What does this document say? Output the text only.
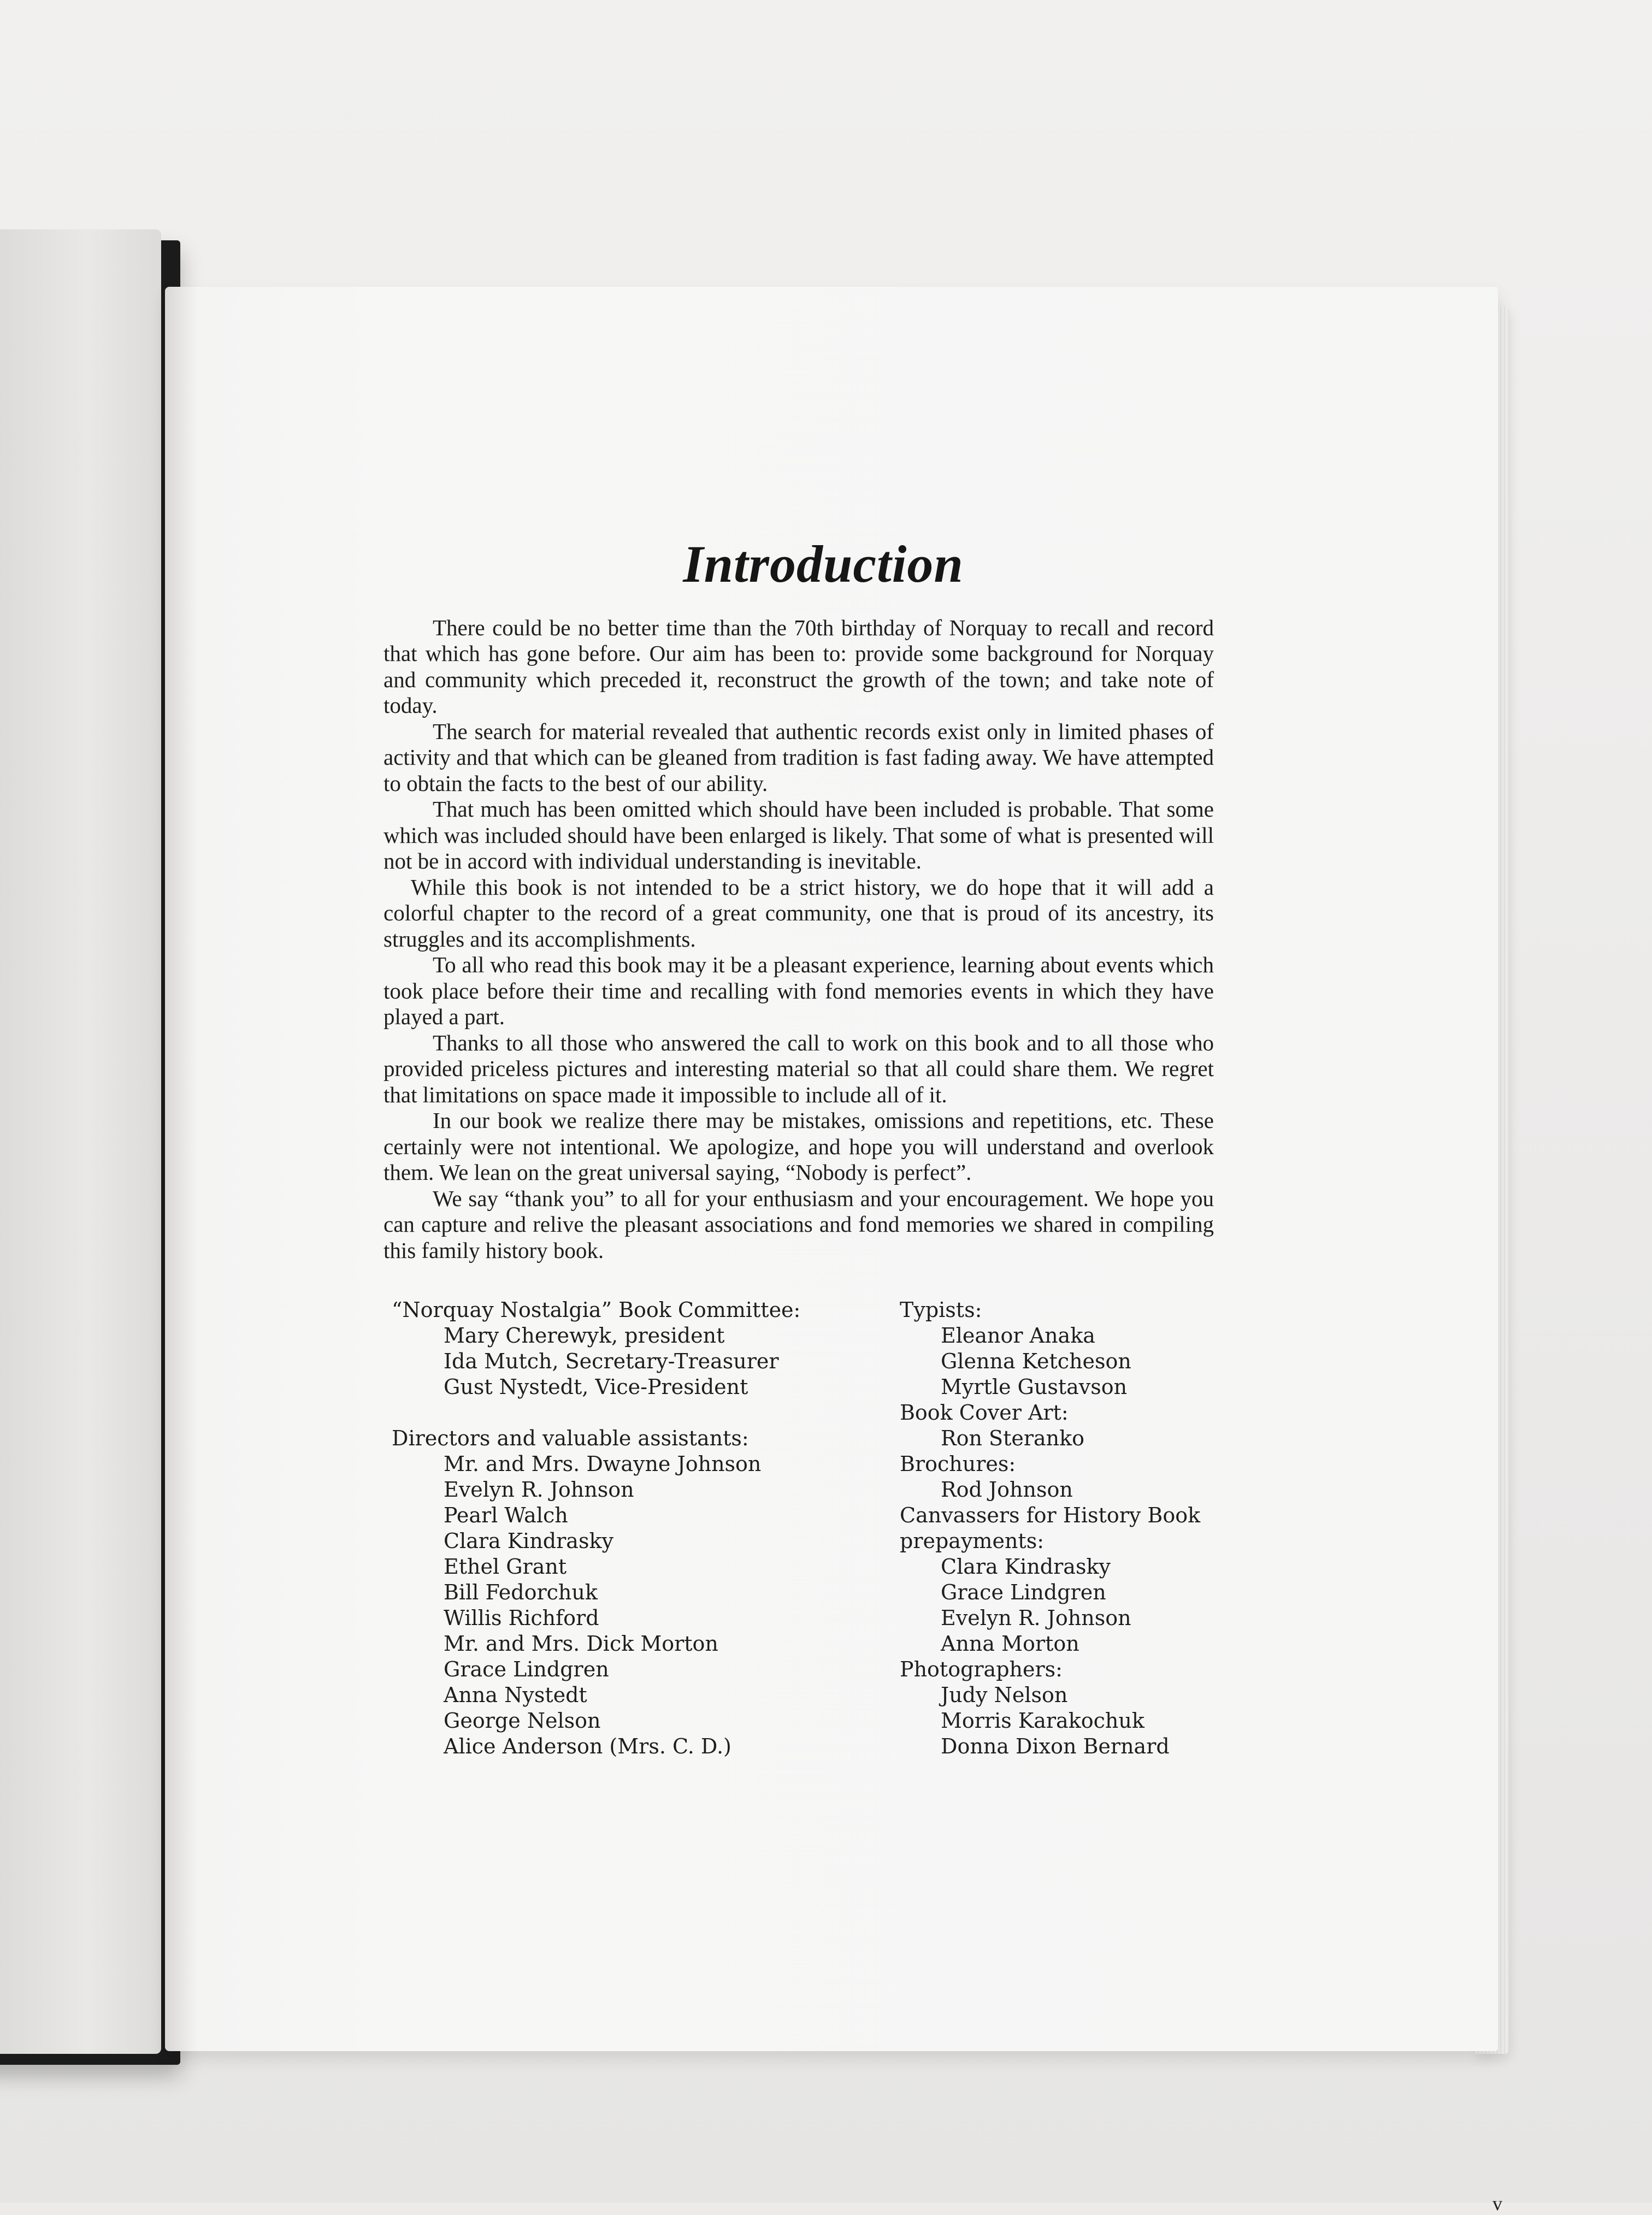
Introduction

There could be no better time than the 70th birthday of Norquay to recall and record that which has gone before. Our aim has been to: provide some background for Norquay and community which preceded it, reconstruct the growth of the town; and take note of today.

The search for material revealed that authentic records exist only in limited phases of activity and that which can be gleaned from tradition is fast fading away. We have attempted to obtain the facts to the best of our ability.

That much has been omitted which should have been included is probable. That some which was included should have been enlarged is likely. That some of what is presented will not be in accord with individual understanding is inevitable.

While this book is not intended to be a strict history, we do hope that it will add a colorful chapter to the record of a great community, one that is proud of its ancestry, its struggles and its accomplishments.

To all who read this book may it be a pleasant experience, learning about events which took place before their time and recalling with fond memories events in which they have played a part.

Thanks to all those who answered the call to work on this book and to all those who provided priceless pictures and interesting material so that all could share them. We regret that limitations on space made it impossible to include all of it.

In our book we realize there may be mistakes, omissions and repetitions, etc. These certainly were not intentional. We apologize, and hope you will understand and overlook them. We lean on the great universal saying, “Nobody is perfect”.

We say “thank you” to all for your enthusiasm and your encouragement. We hope you can capture and relive the pleasant associations and fond memories we shared in compiling this family history book.

“Norquay Nostalgia” Book Committee:
Mary Cherewyk, president
Ida Mutch, Secretary-Treasurer
Gust Nystedt, Vice-President
Directors and valuable assistants:
Mr. and Mrs. Dwayne Johnson
Evelyn R. Johnson
Pearl Walch
Clara Kindrasky
Ethel Grant
Bill Fedorchuk
Willis Richford
Mr. and Mrs. Dick Morton
Grace Lindgren
Anna Nystedt
George Nelson
Alice Anderson (Mrs. C. D.)
Typists:
Eleanor Anaka
Glenna Ketcheson
Myrtle Gustavson
Book Cover Art:
Ron Steranko
Brochures:
Rod Johnson
Canvassers for History Book
prepayments:
Clara Kindrasky
Grace Lindgren
Evelyn R. Johnson
Anna Morton
Photographers:
Judy Nelson
Morris Karakochuk
Donna Dixon Bernard
v
